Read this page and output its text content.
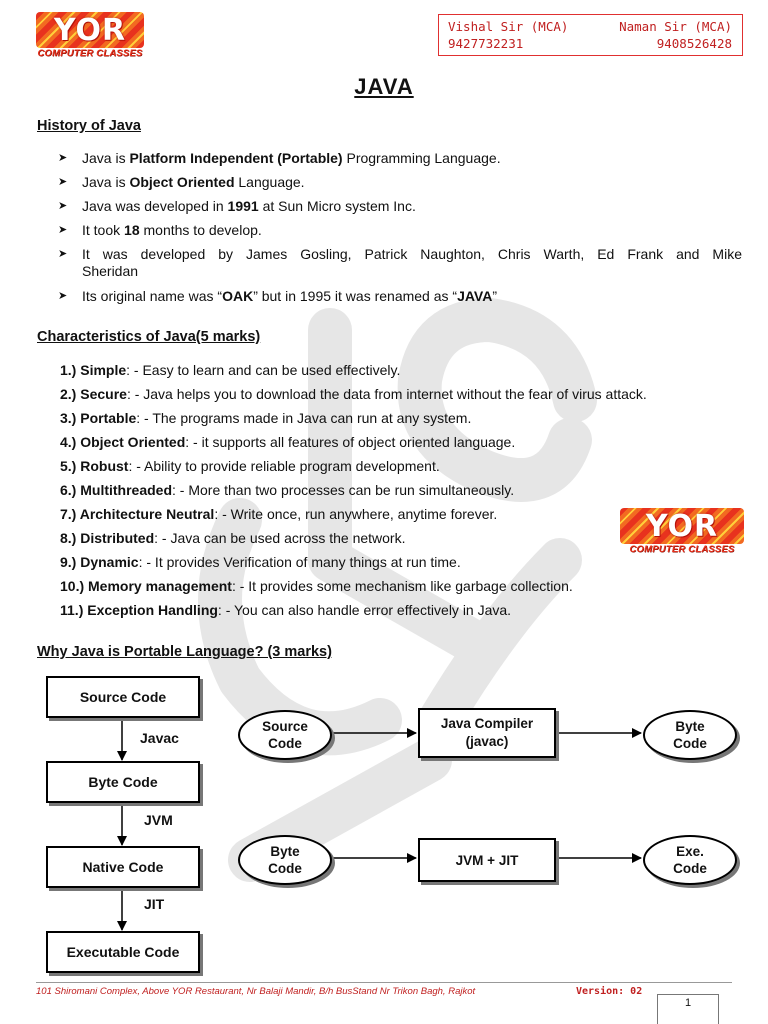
YOR
COMPUTER CLASSES
Vishal Sir (MCA)
9427732231
Naman Sir (MCA)
9408526428
JAVA
History of Java
➤ Java is Platform Independent (Portable) Programming Language.
➤ Java is Object Oriented Language.
➤ Java was developed in 1991 at Sun Micro system Inc.
➤ It took 18 months to develop.
➤ It was developed by James Gosling, Patrick Naughton, Chris Warth, Ed Frank and Mike
Sheridan
➤ Its original name was “OAK” but in 1995 it was renamed as “JAVA”
Characteristics of Java(5 marks)
1.) Simple: - Easy to learn and can be used effectively.
2.) Secure: - Java helps you to download the data from internet without the fear of virus attack.
3.) Portable: - The programs made in Java can run at any system.
4.) Object Oriented: - it supports all features of object oriented language.
5.) Robust: - Ability to provide reliable program development.
6.) Multithreaded: - More than two processes can be run simultaneously.
7.) Architecture Neutral: - Write once, run anywhere, anytime forever.
8.) Distributed: - Java can be used across the network.
9.) Dynamic: - It provides Verification of many things at run time.
10.) Memory management: - It provides some mechanism like garbage collection.
11.) Exception Handling: - You can also handle error effectively in Java.
YOR
COMPUTER CLASSES
Why Java is Portable Language? (3 marks)
Source Code
Javac
Byte Code
JVM
Native Code
JIT
Executable Code
Source
Code
Java Compiler
(javac)
Byte
Code
Byte
Code
JVM + JIT
Exe.
Code
101 Shiromani Complex, Above YOR Restaurant, Nr Balaji Mandir, B/h BusStand Nr Trikon Bagh, Rajkot	Version: 02
1
